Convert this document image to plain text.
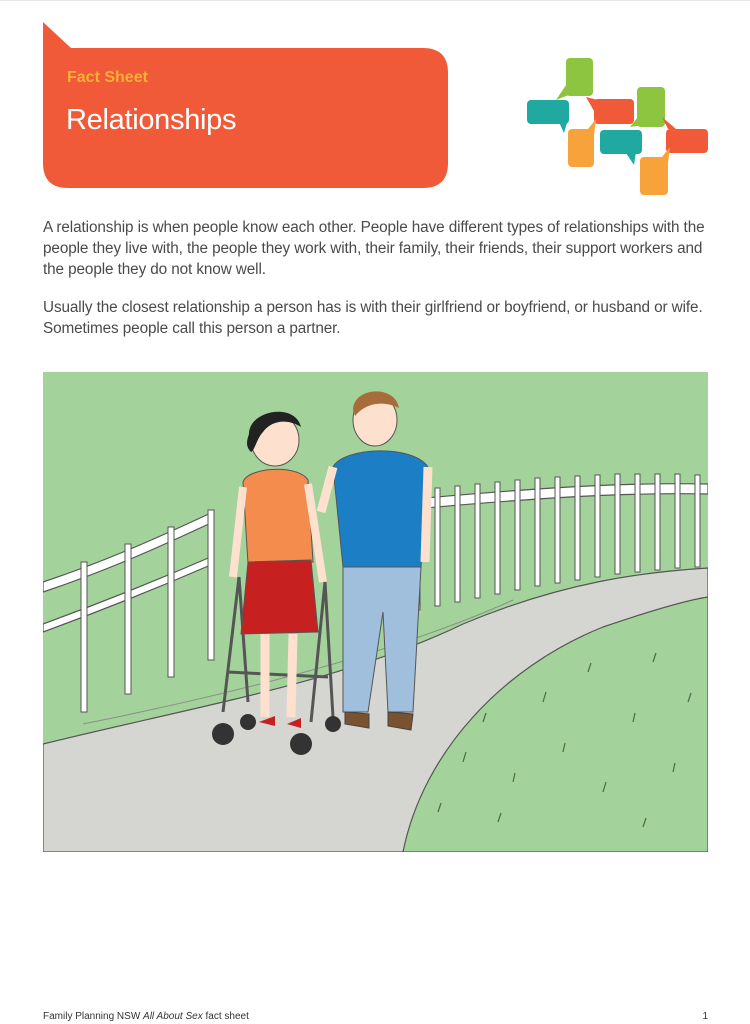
Fact Sheet
Relationships

A relationship is when people know each other. People have different types of relationships with the people they live with, the people they work with, their family, their friends, their support workers and the people they do not know well.

Usually the closest relationship a person has is with their girlfriend or boyfriend, or husband or wife. Sometimes people call this person a partner.

Family Planning NSW All About Sex fact sheet	1
